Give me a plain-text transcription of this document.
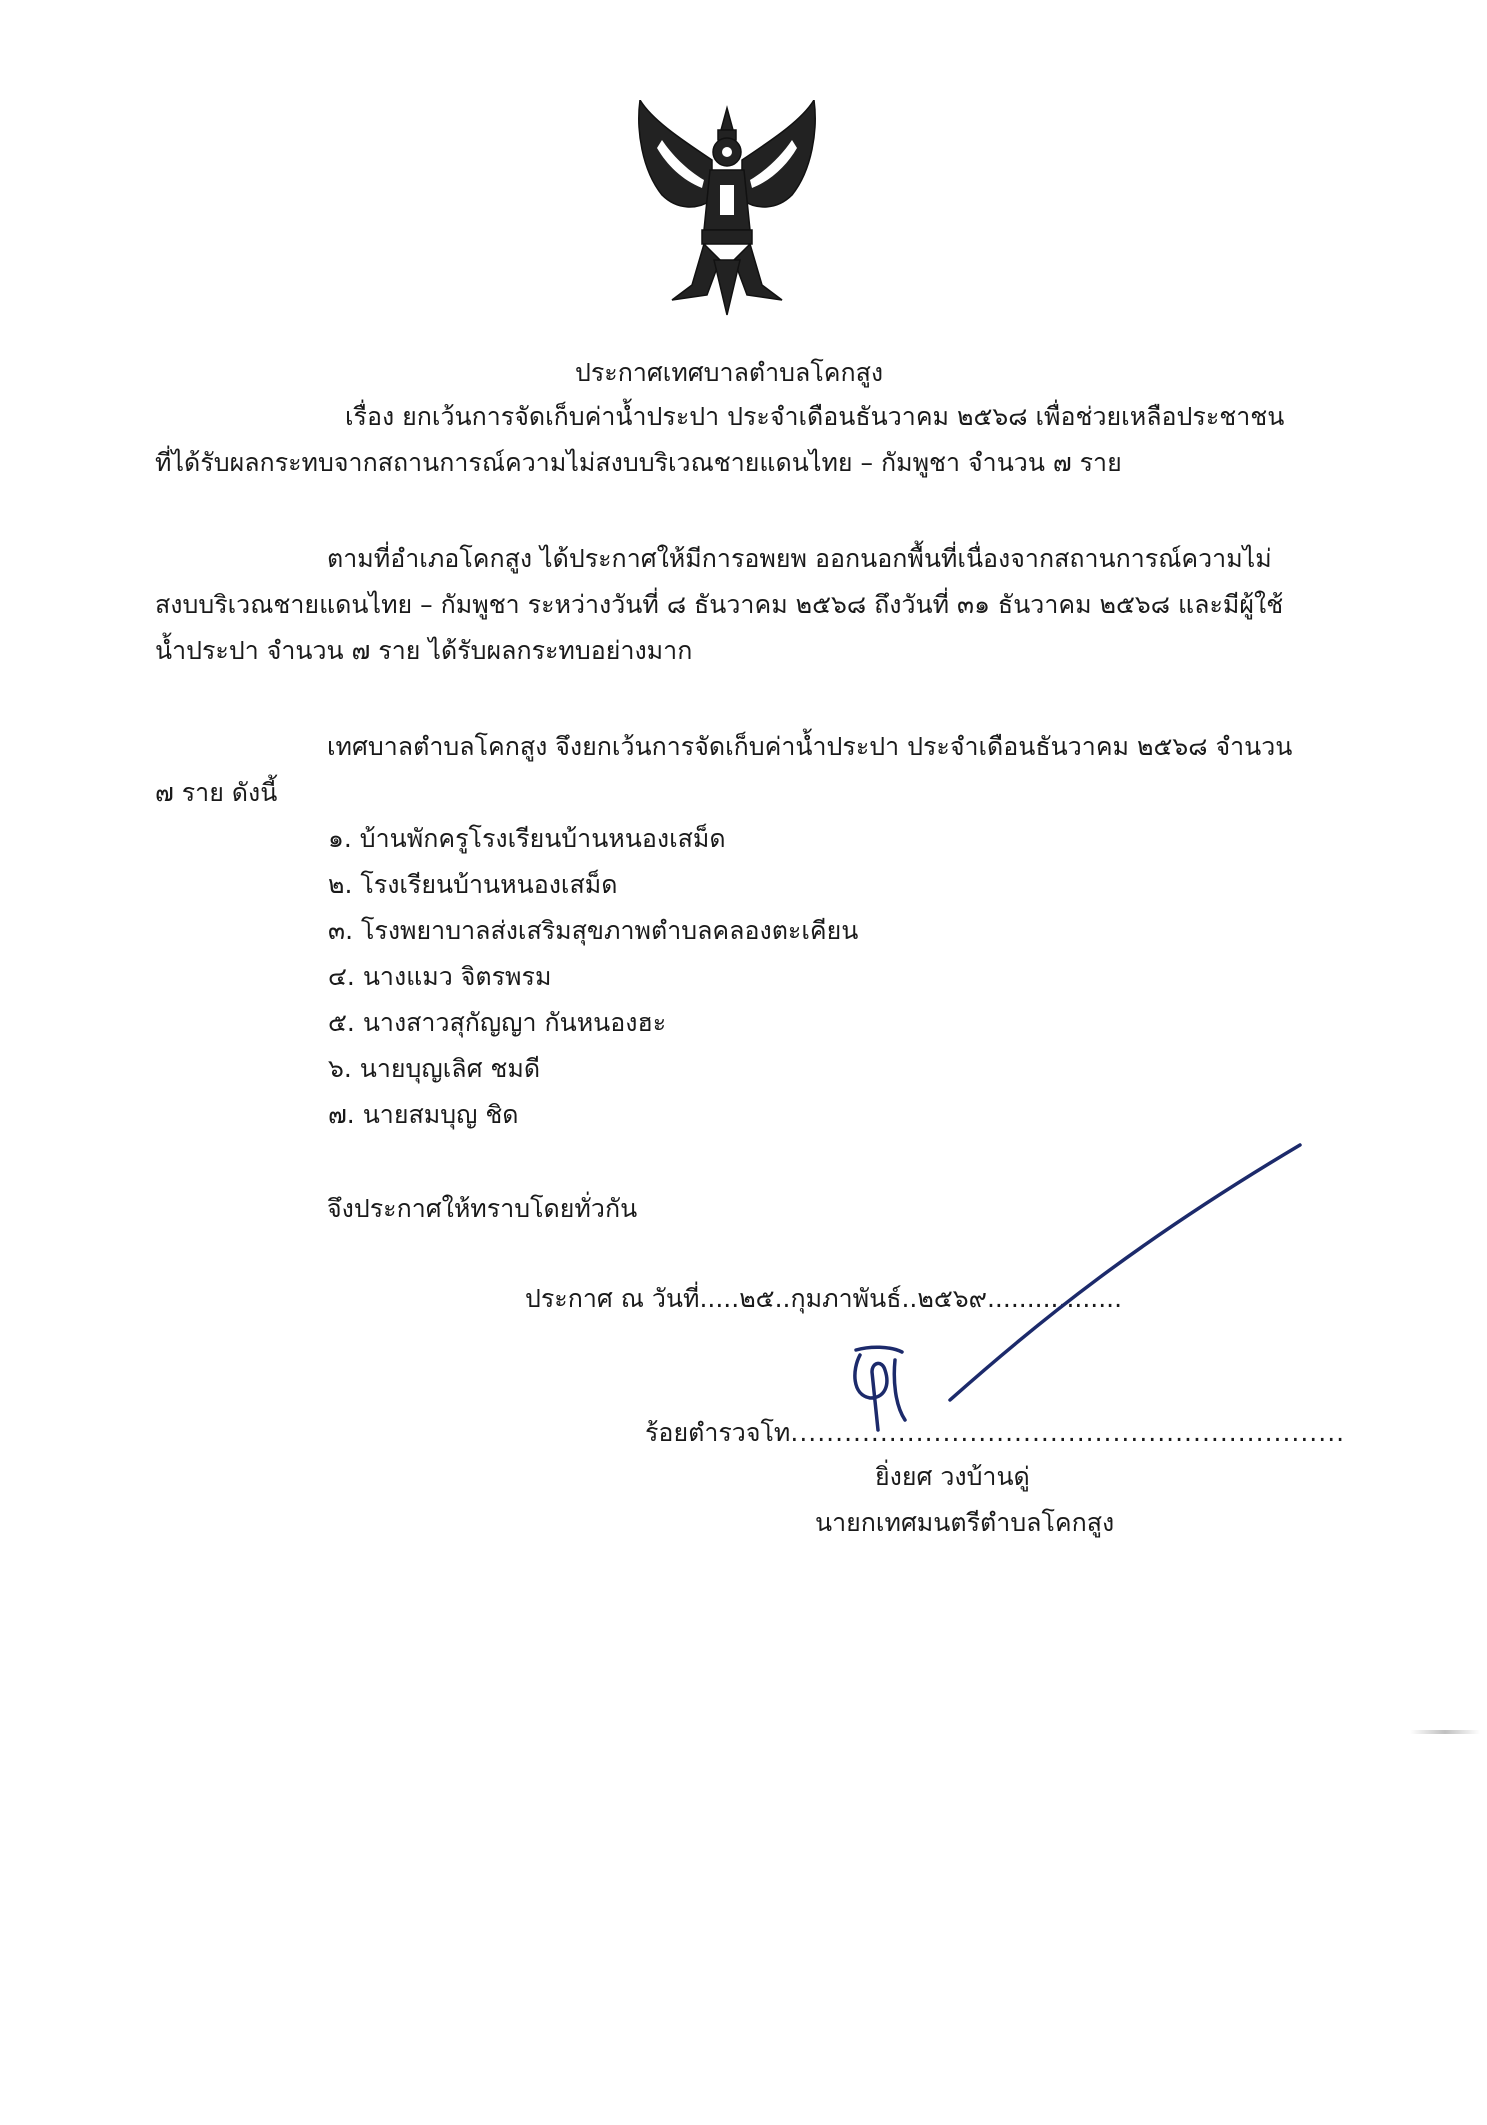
ประกาศเทศบาลตำบลโคกสูง
เรื่อง ยกเว้นการจัดเก็บค่าน้ำประปา ประจำเดือนธันวาคม ๒๕๖๘ เพื่อช่วยเหลือประชาชน
ที่ได้รับผลกระทบจากสถานการณ์ความไม่สงบบริเวณชายแดนไทย – กัมพูชา จำนวน ๗ ราย
ตามที่อำเภอโคกสูง ได้ประกาศให้มีการอพยพ ออกนอกพื้นที่เนื่องจากสถานการณ์ความไม่
สงบบริเวณชายแดนไทย – กัมพูชา ระหว่างวันที่ ๘ ธันวาคม ๒๕๖๘ ถึงวันที่ ๓๑ ธันวาคม ๒๕๖๘ และมีผู้ใช้
น้ำประปา จำนวน ๗ ราย ได้รับผลกระทบอย่างมาก
เทศบาลตำบลโคกสูง จึงยกเว้นการจัดเก็บค่าน้ำประปา ประจำเดือนธันวาคม ๒๕๖๘ จำนวน
๗ ราย ดังนี้
๑. บ้านพักครูโรงเรียนบ้านหนองเสม็ด
๒. โรงเรียนบ้านหนองเสม็ด
๓. โรงพยาบาลส่งเสริมสุขภาพตำบลคลองตะเคียน
๔. นางแมว จิตรพรม
๕. นางสาวสุกัญญา กันหนองฮะ
๖. นายบุญเลิศ ชมดี
๗. นายสมบุญ ชิด
จึงประกาศให้ทราบโดยทั่วกัน
ประกาศ ณ วันที่.....๒๕..กุมภาพันธ์..๒๕๖๙.................
ร้อยตำรวจโท..............................................................
ยิ่งยศ วงบ้านดู่
นายกเทศมนตรีตำบลโคกสูง
